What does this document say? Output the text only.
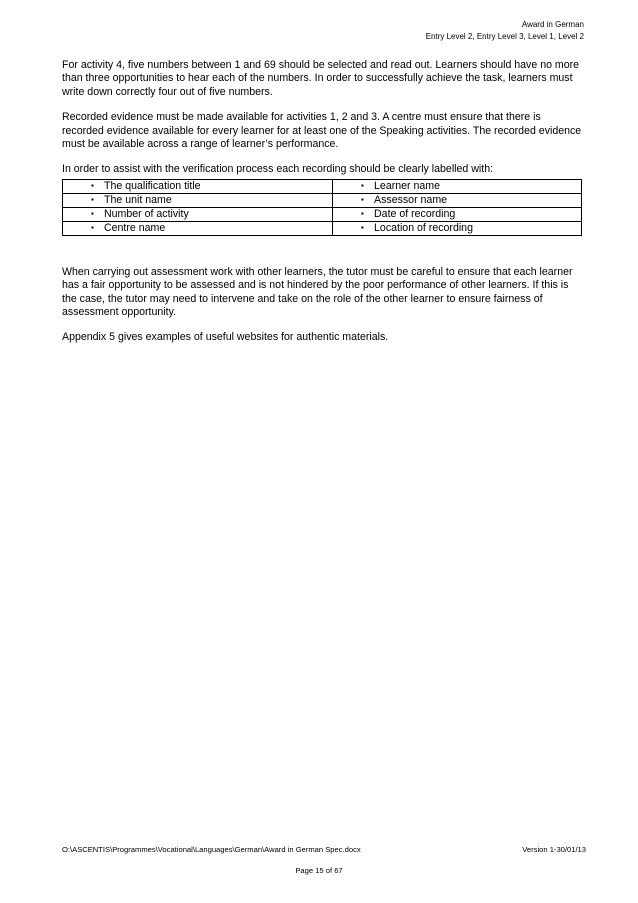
Award in German
Entry Level 2, Entry Level 3, Level 1, Level 2

For activity 4, five numbers between 1 and 69 should be selected and read out. Learners should have no more than three opportunities to hear each of the numbers. In order to successfully achieve the task, learners must write down correctly four out of five numbers.

Recorded evidence must be made available for activities 1, 2 and 3. A centre must ensure that there is recorded evidence available for every learner for at least one of the Speaking activities. The recorded evidence must be available across a range of learner’s performance.

In order to assist with the verification process each recording should be clearly labelled with:

▪ The qualification title	▪ Learner name
▪ The unit name	▪ Assessor name
▪ Number of activity	▪ Date of recording
▪ Centre name	▪ Location of recording

When carrying out assessment work with other learners, the tutor must be careful to ensure that each learner has a fair opportunity to be assessed and is not hindered by the poor performance of other learners. If this is the case, the tutor may need to intervene and take on the role of the other learner to ensure fairness of assessment opportunity.

Appendix 5 gives examples of useful websites for authentic materials.

O:\ASCENTIS\Programmes\Vocational\Languages\German\Award in German Spec.docx	Version 1-30/01/13
Page 15 of 67
